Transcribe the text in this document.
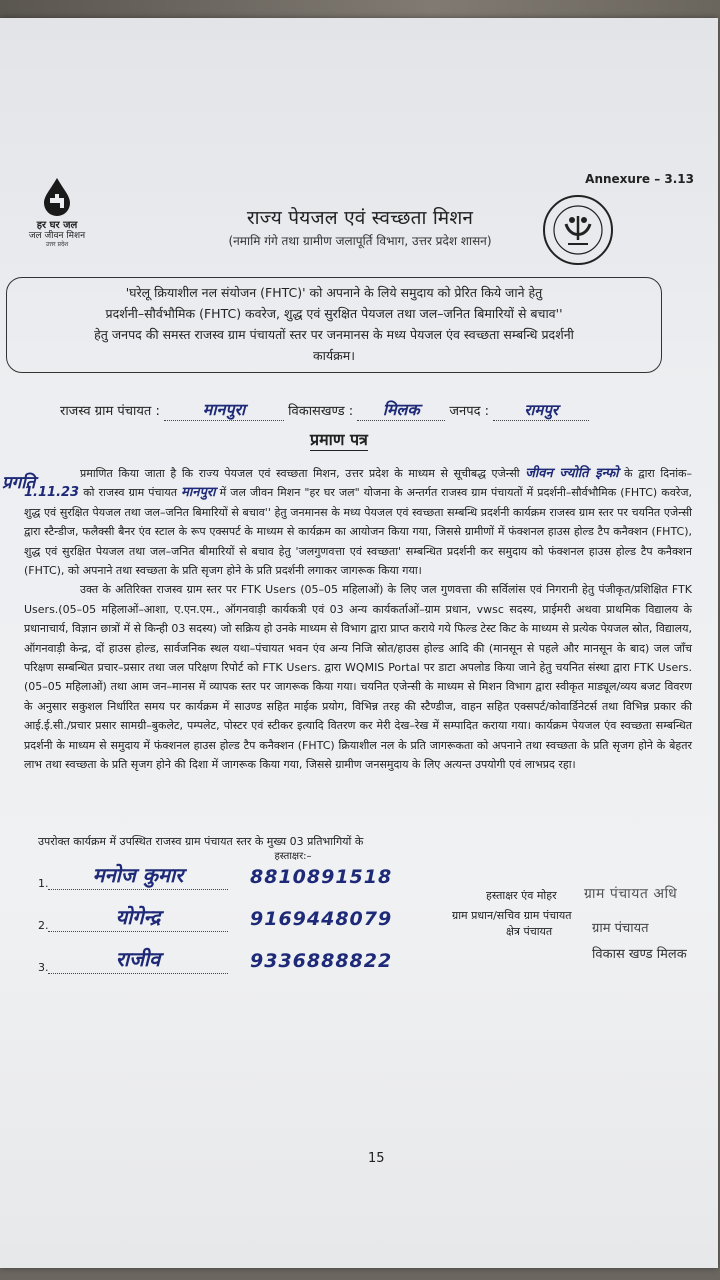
Annexure – 3.13
हर घर जल
जल जीवन मिशन
उत्तर प्रदेश
राज्य पेयजल एवं स्वच्छता मिशन
(नमामि गंगे तथा ग्रामीण जलापूर्ति विभाग, उत्तर प्रदेश शासन)
'घरेलू क्रियाशील नल संयोजन (FHTC)' को अपनाने के लिये समुदाय को प्रेरित किये जाने हेतु
प्रदर्शनी–सौर्वभौमिक (FHTC) कवरेज, शुद्ध एवं सुरक्षित पेयजल तथा जल–जनित बिमारियों से बचाव''
हेतु जनपद की समस्त राजस्व ग्राम पंचायतों स्तर पर जनमानस के मध्य पेयजल एंव स्वच्छता सम्बन्धि प्रदर्शनी
कार्यक्रम।
राजस्व ग्राम पंचायत :	मानपुरा	विकासखण्ड : मिलक जनपद : रामपुर
प्रमाण पत्र
प्रगति	प्रमाणित किया जाता है कि राज्य पेयजल एवं स्वच्छता मिशन, उत्तर प्रदेश के माध्यम से सूचीबद्ध एजेन्सी जीवन ज्योति इन्फो के द्वारा दिनांक– 1.11.23 को राजस्व ग्राम पंचायत मानपुरा में जल जीवन मिशन "हर घर जल" योजना के अन्तर्गत राजस्व ग्राम पंचायतों में प्रदर्शनी–सौर्वभौमिक (FHTC) कवरेज, शुद्ध एवं सुरक्षित पेयजल तथा जल–जनित बिमारियों से बचाव'' हेतु जनमानस के मध्य पेयजल एवं स्वच्छता सम्बन्धि प्रदर्शनी कार्यक्रम राजस्व ग्राम स्तर पर चयनित एजेन्सी द्वारा स्टैन्डीज, फलैक्सी बैनर एंव स्टाल के रूप एक्सपर्ट के माध्यम से कार्यक्रम का आयोजन किया गया, जिससे ग्रामीणों में फंक्शनल हाउस होल्ड टैप कनैक्शन (FHTC), शुद्ध एवं सुरक्षित पेयजल तथा जल–जनित बीमारियों से बचाव हेतु 'जलगुणवत्ता एवं स्वच्छता' सम्बन्धित प्रदर्शनी कर समुदाय को फंक्शनल हाउस होल्ड टैप कनैक्शन (FHTC), को अपनाने तथा स्वच्छता के प्रति सृजग होने के प्रति प्रदर्शनी लगाकर जागरूक किया गया।

उक्त के अतिरिक्त राजस्व ग्राम स्तर पर FTK Users (05–05 महिलाओं) के लिए जल गुणवत्ता की सर्विलांस एवं निगरानी हेतु पंजीकृत/प्रशिक्षित FTK Users.(05–05 महिलाओं–आशा, ए.एन.एम., ऑगनवाड़ी कार्यकत्री एवं 03 अन्य कार्यकर्ताओं–ग्राम प्रधान, vwsc सदस्य, प्राईमरी अथवा प्राथमिक विद्यालय के प्रधानाचार्य, विज्ञान छात्रों में से किन्ही 03 सदस्य) जो सक्रिय हो उनके माध्यम से विभाग द्वारा प्राप्त कराये गये फिल्ड टेस्ट किट के माध्यम से प्रत्येक पेयजल स्रोत, विद्यालय, ऑगनवाड़ी केन्द्र, दों हाउस होल्ड, सार्वजनिक स्थल यथा–पंचायत भवन एंव अन्य निजि स्रोत/हाउस होल्ड आदि की (मानसून से पहले और मानसून के बाद) जल जाँच परिक्षण सम्बन्धित प्रचार–प्रसार तथा जल परिक्षण रिपोर्ट को FTK Users. द्वारा WQMIS Portal पर डाटा अपलोड किया जाने हेतु चयनित संस्था द्वारा FTK Users.(05–05 महिलाओं) तथा आम जन–मानस में व्यापक स्तर पर जागरूक किया गया। चयनित एजेन्सी के माध्यम से मिशन विभाग द्वारा स्वीकृत माड्यूल/व्यय बजट विवरण के अनुसार सकुशल निर्धारित समय पर कार्यक्रम में साउण्ड सहित माईक प्रयोग, विभिन्न तरह की स्टैण्डीज, वाहन सहित एक्सपर्ट/कोवार्डिनेटर्स तथा विभिन्न प्रकार की आई.ई.सी./प्रचार प्रसार सामग्री–बुकलेट, पम्पलेट, पोस्टर एवं स्टीकर इत्यादि वितरण कर मेरी देख–रेख में सम्पादित कराया गया। कार्यक्रम पेयजल एंव स्वच्छता सम्बन्धित प्रदर्शनी के माध्यम से समुदाय में फंक्शनल हाउस होल्ड टैप कनैक्शन (FHTC) क्रियाशील नल के प्रति जागरूकता को अपनाने तथा स्वच्छता के प्रति सृजग होने के बेहतर लाभ तथा स्वच्छता के प्रति सृजग होने की दिशा में जागरूक किया गया, जिससे ग्रामीण जनसमुदाय के लिए अत्यन्त उपयोगी एवं लाभप्रद रहा।

उपरोक्त कार्यक्रम में उपस्थित राजस्व ग्राम पंचायत स्तर के मुख्य 03 प्रतिभागियों के
हस्ताक्षर:–
1.	मनोज कुमार	8810891518
2.	योगेन्द्र	9169448079
3.	राजीव	9336888822
हस्ताक्षर एंव मोहर ग्राम पंचायत अधि
ग्राम प्रधान/सचिव ग्राम पंचायत
ग्राम पंचायत
क्षेत्र पंचायत
विकास खण्ड मिलक
15
